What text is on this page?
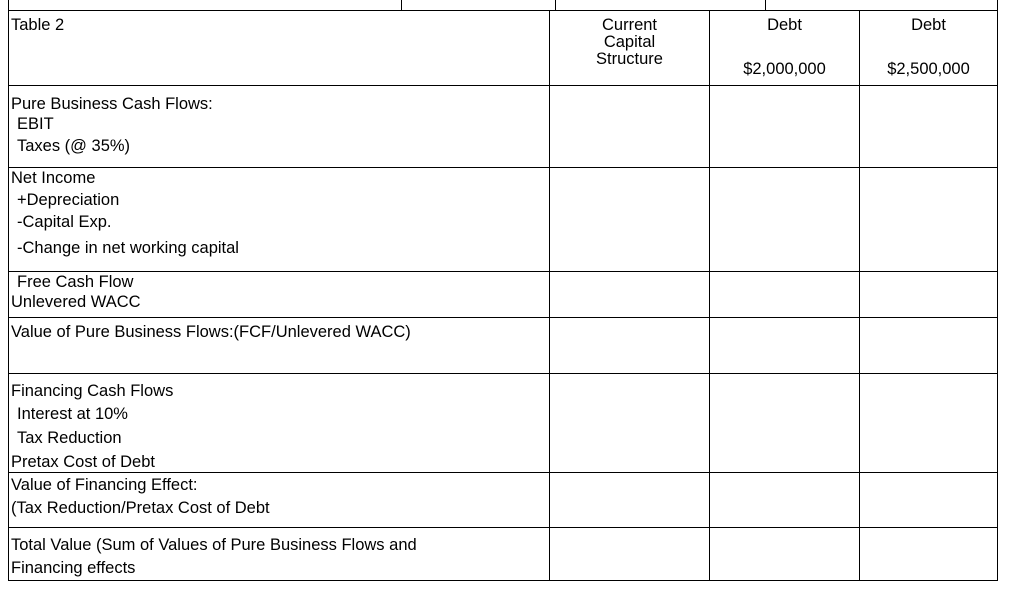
Table 2	Current
Capital
Structure
Debt
$2,000,000
Debt
$2,500,000
Pure Business Cash Flows:
EBIT
Taxes (@ 35%)
Net Income
+Depreciation
-Capital Exp.
-Change in net working capital
Free Cash Flow
Unlevered WACC
Value of Pure Business Flows:(FCF/Unlevered WACC)
Financing Cash Flows
Interest at 10%
Tax Reduction
Pretax Cost of Debt
Value of Financing Effect:
(Tax Reduction/Pretax Cost of Debt
Total Value (Sum of Values of Pure Business Flows and
Financing effects
